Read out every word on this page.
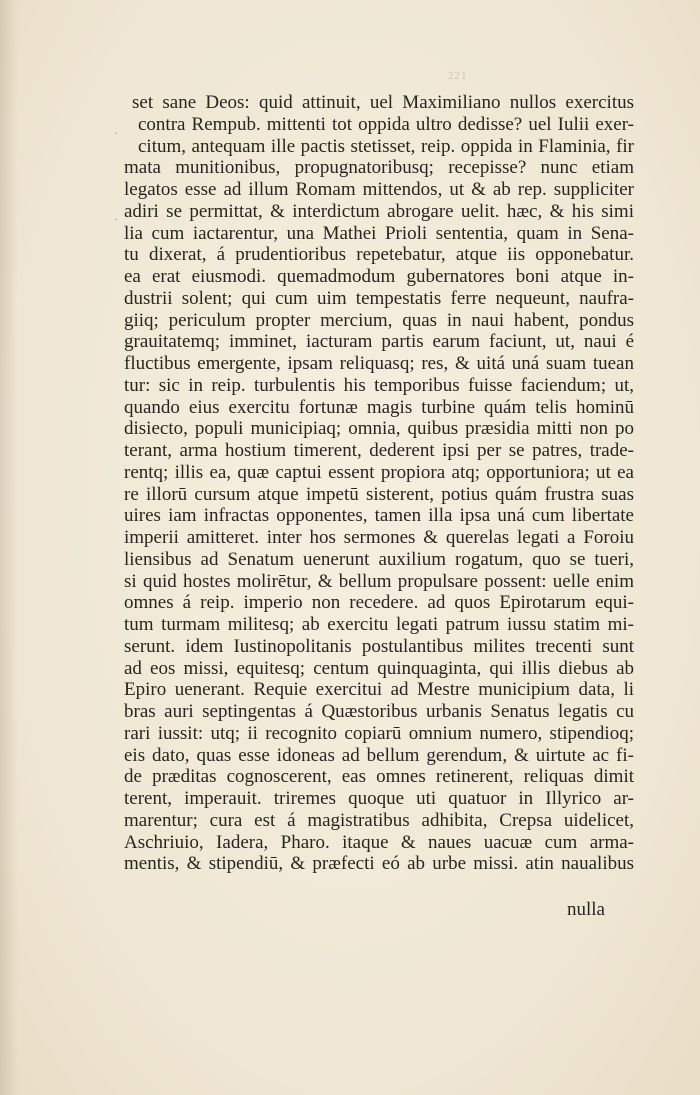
221
·
·
set sane Deos: quid attinuit, uel Maximiliano nullos exercitus
contra Rempub. mittenti tot oppida ultro dedisse? uel Iulii exer-
citum, antequam ille pactis stetisset, reip. oppida in Flaminia, fir
mata munitionibus, propugnatoribusq; recepisse? nunc etiam
legatos esse ad illum Romam mittendos, ut & ab rep. suppliciter
adiri se permittat, & interdictum abrogare uelit. hæc, & his simi
lia cum iactarentur, una Mathei Prioli sententia, quam in Sena-
tu dixerat, á prudentioribus repetebatur, atque iis opponebatur.
ea erat eiusmodi. quemadmodum gubernatores boni atque in-
dustrii solent; qui cum uim tempestatis ferre nequeunt, naufra-
giiq; periculum propter mercium, quas in naui habent, pondus
grauitatemq; imminet, iacturam partis earum faciunt, ut, naui é
fluctibus emergente, ipsam reliquasq; res, & uitá uná suam tuean
tur: sic in reip. turbulentis his temporibus fuisse faciendum; ut,
quando eius exercitu fortunæ magis turbine quám telis hominū
disiecto, populi municipiaq; omnia, quibus præsidia mitti non po
terant, arma hostium timerent, dederent ipsi per se patres, trade-
rentq; illis ea, quæ captui essent propiora atq; opportuniora; ut ea
re illorū cursum atque impetū sisterent, potius quám frustra suas
uires iam infractas opponentes, tamen illa ipsa uná cum libertate
imperii amitteret. inter hos sermones & querelas legati a Foroiu
liensibus ad Senatum uenerunt auxilium rogatum, quo se tueri,
si quid hostes molirētur, & bellum propulsare possent: uelle enim
omnes á reip. imperio non recedere. ad quos Epirotarum equi-
tum turmam militesq; ab exercitu legati patrum iussu statim mi-
serunt. idem Iustinopolitanis postulantibus milites trecenti sunt
ad eos missi, equitesq; centum quinquaginta, qui illis diebus ab
Epiro uenerant. Requie exercitui ad Mestre municipium data, li
bras auri septingentas á Quæstoribus urbanis Senatus legatis cu
rari iussit: utq; ii recognito copiarū omnium numero, stipendioq;
eis dato, quas esse idoneas ad bellum gerendum, & uirtute ac fi-
de præditas cognoscerent, eas omnes retinerent, reliquas dimit
terent, imperauit. triremes quoque uti quatuor in Illyrico ar-
marentur; cura est á magistratibus adhibita, Crepsa uidelicet,
Aschriuio, Iadera, Pharo. itaque & naues uacuæ cum arma-
mentis, & stipendiū, & præfecti eó ab urbe missi. atin naualibus
nulla
